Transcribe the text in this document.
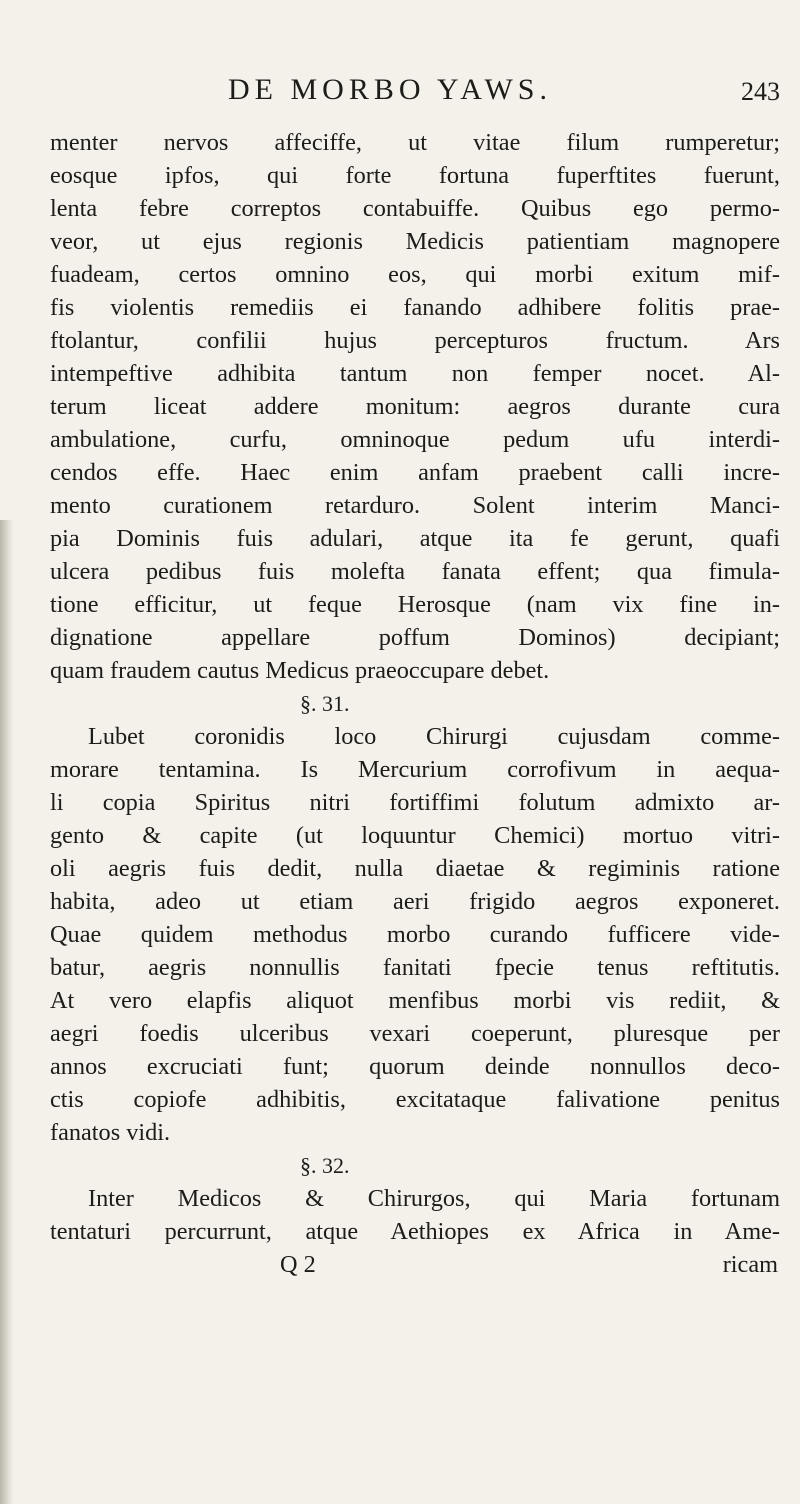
DE MORBO YAWS.	243
menter nervos affeciffe, ut vitae filum rumperetur;
eosque ipfos, qui forte fortuna fuperftites fuerunt,
lenta febre correptos contabuiffe. Quibus ego permo-
veor, ut ejus regionis Medicis patientiam magnopere
fuadeam, certos omnino eos, qui morbi exitum mif-
fis violentis remediis ei fanando adhibere folitis prae-
ftolantur, confilii hujus percepturos fructum. Ars
intempeftive adhibita tantum non femper nocet. Al-
terum liceat addere monitum: aegros durante cura
ambulatione, curfu, omninoque pedum ufu interdi-
cendos effe. Haec enim anfam praebent calli incre-
mento curationem retarduro. Solent interim Manci-
pia Dominis fuis adulari, atque ita fe gerunt, quafi
ulcera pedibus fuis molefta fanata effent; qua fimula-
tione efficitur, ut feque Herosque (nam vix fine in-
dignatione appellare poffum Dominos) decipiant;
quam fraudem cautus Medicus praeoccupare debet.
§. 31.
Lubet coronidis loco Chirurgi cujusdam comme-
morare tentamina. Is Mercurium corrofivum in aequa-
li copia Spiritus nitri fortiffimi folutum admixto ar-
gento & capite (ut loquuntur Chemici) mortuo vitri-
oli aegris fuis dedit, nulla diaetae & regiminis ratione
habita, adeo ut etiam aeri frigido aegros exponeret.
Quae quidem methodus morbo curando fufficere vide-
batur, aegris nonnullis fanitati fpecie tenus reftitutis.
At vero elapfis aliquot menfibus morbi vis rediit, &
aegri foedis ulceribus vexari coeperunt, pluresque per
annos excruciati funt; quorum deinde nonnullos deco-
ctis copiofe adhibitis, excitataque falivatione penitus
fanatos vidi.
§. 32.
Inter Medicos & Chirurgos, qui Maria fortunam
tentaturi percurrunt, atque Aethiopes ex Africa in Ame-
Q 2	ricam
